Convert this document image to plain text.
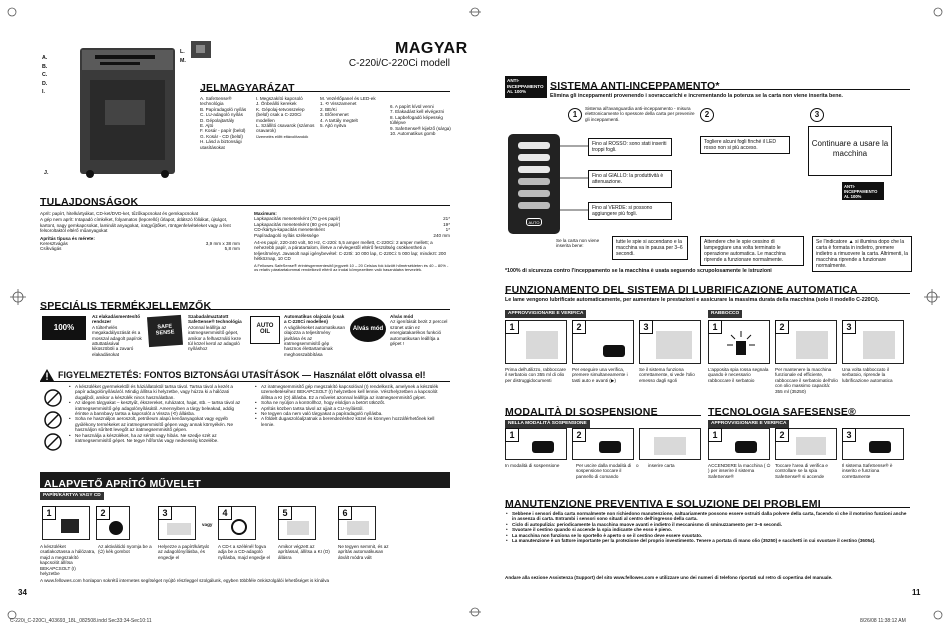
A.
B.
C.
D.
I.
J.
L.
M.
MAGYAR
C-220i/C-220Ci modell
JELMAGYARÁZAT
A. SafeSense® technológia
B. Papíradagoló nyílás
C. LU-adagoló nyílás
D. Gépolajtartály
E. Ajtó
F. Kosár - papír (belül)
G. Kosár - CD (belül)
H. Lásd a biztonsági utasításokat
I. Megszakító kapcsoló
J. Önbeálló kerekek
K. Gépolaj-tetvosszelep (belül) csak a C-220Ci modellen
L. Szállító csavarok (számos csavarok)
Üzemelés előtt eltávolítandók
M. Vezérlőpanel és LED-ek
1. ⟲ Visszamenet
2. BE/Ki
3. Előremenet
4. A tartály megtelt
5. Ajtó nyitva
6. A papírt kívül venni
7. Elakadást kell elvégezni
8. Lapbefogadó képesség túllépve
9. SafeSense® kijelző (sárga)
10. Automatikus gomb
TULAJDONSÁGOK
Aprít: papírt, hitelkártyákat, CD-ket/DVD-ket, tűzőkapcsokat és gemkapcsokat
A gép nem aprít: Intapadó címkéket, folyamatos (leporelló) űrlapot, átlátszó fóliákat, újságot, kartont, nagy gemkapcsokat, laminált anyagokat, iratgyűjtőket, röntgenfelvételeket vagy a fent felsoroltaktól eltérő műanyagokat
Aprítás típusa és mérete:
Keresztvágás	3,9 mm x 38 mm
Csíkvágás	5,8 mm
Maximum:
Lapkapacitás menetenként (70 g-es papír)	21*
Lapkapacitás menetenként (80 g-es papír)	19*
CD-/kártya-kapacitás menetenként	1*
Papíradagoló nyílás szélessége	240 mm
A4-es papír, 220-240 volt, 50 Hz, C-220i: 5,5 amper mellett, C-220Ci: 2 amper mellett; a nehezebb papír, a páratartalom, illetve a névlegestől eltérő feszültség csökkentheti a teljesítményt. Javasolt napi igénybevétel: C-220i: 10 000 lap, C-220Ci: 5 000 lap; mindezt: 200 hétköznap, 10 CD
A Fellowes SafeSense® érintésgermentesítő jegyzett 10 – 20 Celsius fok között hőmérsékleten és 40 – 80% -os relatív páratartalommal rendelkező eltérő az irodai környezetben való használatra tervezték.
SPECIÁLIS TERMÉKJELLEMZŐK
100%
Az elakadásmentesítő rendszer
A túlterhelés megakadályozását és a mosszal adagolt papírok attuttatásával kiküszöböli a zavaró elakadásokat
SAFE SENSE
Szabadalmaztatott SafeSense® technológia
Azonnal leállítja az iratmegsemmisítő gépet, amikor a felhasználó keze túl közel kerül az adagoló nyíláshoz
AUTO OIL
Automatikus olajozás (csak a C-220Ci modellen)
A vágókéseket automatikusan olajozza a teljesítmény javítása és az iratmegsemmisítő gép hasznos élettartamának meghosszabbítása
Alvás mód
Alvás mód
Az igenítását bezit 2 perccel szünet után ez energiatakarékos funkció automatikusan leállítja a gépet !
FIGYELMEZTETÉS: FONTOS BIZTONSÁGI UTASÍTÁSOK — Használat előtt olvassa el!
• A készüléket gyermekektől és háziállatoktól tartsa távol. Tartsa távol a kezét a papír adagolónyílásáról. Mindig állítsa ki helyzetbe, vagy húzza ki a hálózati dugaljból, amikor a készülék nincs használatban.
• Az idegen tárgyakat – kesztyűt, ékszereket, ruházatot, hajat, stb. – tartsa távol az iratmegsemmisítő gép adagolónyílásától. Amennyiben a tárgy beleakad, addig érintse a bannbavy tartsa a kapcsolót a Vissza (⟲) állásba.
• Soha ne használjon aeroszolt, petróleum alapú kenőanyagokat vagy egyéb gyúlékony termékeket az iratmegsemmisítő gépen vagy annak környékén. Ne használjon sűrített levegőt az iratmegsemmisítő gépen.
• Ne használja a készüléket, ha az sérült vagy hibás. Ne szedje szét az iratmegsemmisítő gépet. Ne tegye hőforrás vagy nedvesség közelébe.
• Az iratmegsemmisítő gép megszakító kapcsolóval (I) rendelkezik, amelynek a készülék üzemeltetéséhez BEKAPCSOLT (I) helyzetben kell lennie. Vészhelyzetben a kapcsolót állítsa a KI (O) állásba. Ez a művelet azonnal leállítja az iratmegsemmisítő gépet.
• Soha ne nyúljon a kontrollhoz, hogy eloldjon a betört ütközőt.
• Aprítás közben tartsa távol az ujjait a CU-nyílástól.
• Ne tegyen oda nem való tárgyakat a papíradagoló nyílásba.
• A földelt dugaszolóaljzatnak a berendezéshez közel és könnyen hozzáférhetőnek kell lennie.
ALAPVETŐ APRÍTÓ MŰVELET
PAPÍR/KÁRTYA VAGY CD
1	2	3	4	5	6
A készüléket csatlakoztassa a hálózatra, majd a megszakító kapcsolót állítsa BEKAPCSOLT (I) helyzetbe
Az aktiválódó nyomja be a (⏻) kék gombot
Helyezze a papírt/kártyát az adagolónyílásba, és engedje el
vagy
A CD-t a szélénél fogva adja be a CD-adagoló nyílásba, majd engedje el
Amikor végzett az aprítással, állítsa a KI (O) állásra
Ne tegyen semmit, és az aprítás automatikusan átvált módra vált
A www.fellowes.com honlapon sokrétű internetes segítséget nyújtó részleggel szolgálunk, egyben többféle önkiszolgálói lehetőséget is kínálva
34
ANTI-INCEPPAMENTO AL 100%	SISTEMA ANTI-INCEPPAMENTO*
Elimina gli inceppamenti provenendo i sovraccarichi e incrementando la potenza se la carta non viene inserita bene.
1	2	3
Sistema all'avanguardia anti-inceppamento - misura elettronicamente lo spessore della carta per prevenire gli inceppamenti.
AUTO
Fino al ROSSO: sono stati inseriti troppi fogli.
Fino al GIALLO: la produttività è attenuazione.
Fino al VERDE: si possono aggiungere più fogli.
Togliere alcuni fogli finché il LED rosso non si più acceso.	Continuare a usare la macchina
ANTI-INCEPPAMENTO AL 100%
Se la carta non viene inserita bene:
tutte le spie si accendano e la macchina va in pausa per 3–6 secondi.
Attendere che le spie cessino di lampeggiare una volta terminato le operazione automatica. Le macchina riprende a funzionare normalmente.
Se l'indicatore ▲ si illumina dopo che la carta è formata in indietro, premere indietro a rimuovere la carta. Altrimenti, la macchina riprende a funzionare normalmente.
*100% di sicurezza contro l'inceppamento se la macchina è usata seguendo scrupolosamente le istruzioni
FUNZIONAMENTO DEL SISTEMA DI LUBRIFICAZIONE AUTOMATICA
Le lame vengono lubrificate automaticamente, per aumentare le prestazioni e assicurare la massima durata della macchina (solo il modello C-220Ci).
APPROVVIGIONARE E VERIFICA	RABBOCCO
1	2	3	1	2	3
Prima dell'utilizzo, rabboccare il serbatoio con 355 ml di olio per distruggidocumenti
Per eseguire una verifica, premere simultaneamente i tasti auto e avanti (▶)
Se il sistema funziona correttamente, si vede l'olio emesso dagli sgoli
L'apposita spia rossa segnala quando è necessario rabboccare il serbatoio
Per mantenere la macchina funzionale ed efficiente, rabboccare il serbatoio dell'olio con olio massimo capacità: 355 ml (35250)
Una volta rabboccato il serbatoio, riprende la lubrificazione automatica
MODALITÀ DI SOSPENSIONE
NELLA MODALITÀ SOSPENSIONE
1	2
In modalità di sospensione	Per uscire dalla modalità di sospensione toccare il pannello di comando
o	inserire carta
TECNOLOGIA SAFESENSE®
APPROVVIGIONARE E VERIFICA
1	2	3
ACCENDERE la macchina ( ⏻ ) per inserire il sistema SafeSense®
Toccare l'area di verifica e controllare se la spia SafeSense® si accende
Il sistema SafeSense® è inserito e funziona correttamente
MANUTENZIONE PREVENTIVA E SOLUZIONE DEI PROBLEMI
• Sebbene i sensori della carta normalmente non richiedono manutenzione, saltuariamente possono essere ostruiti dalla polvere della carta, facendo sì che il motorino funzioni anche in assenza di carta. Entrambi i sensori sono situati al centro dell'ingresso della carta.
• Ciclo di autopulizia: periodicamente la macchina muove avanti e indietro il meccanismo di sminuzzamento per 3–6 secondi.
• Svuotare il cestino quando si accende la spia indicante che esso è pieno.
• La macchina non funziona se lo sportello è aperto o se il cestino deve essere svuotato.
• La manutenzione è un fattore importante per la protezione del proprio investimento. Tenere a portata di mano olio (35250) e sacchetti in cui svuotare il cestino (36054).
Andare alla sezione Assistenza (Support) del sito www.fellowes.com e utilizzare uno dei numeri di telefono riportati sul retro di copertina del manuale.
11
C-220i_C-220Ci_403693_18L_082508.indd Sec33:34-Sec10:11	8/26/08 11:38:12 AM
